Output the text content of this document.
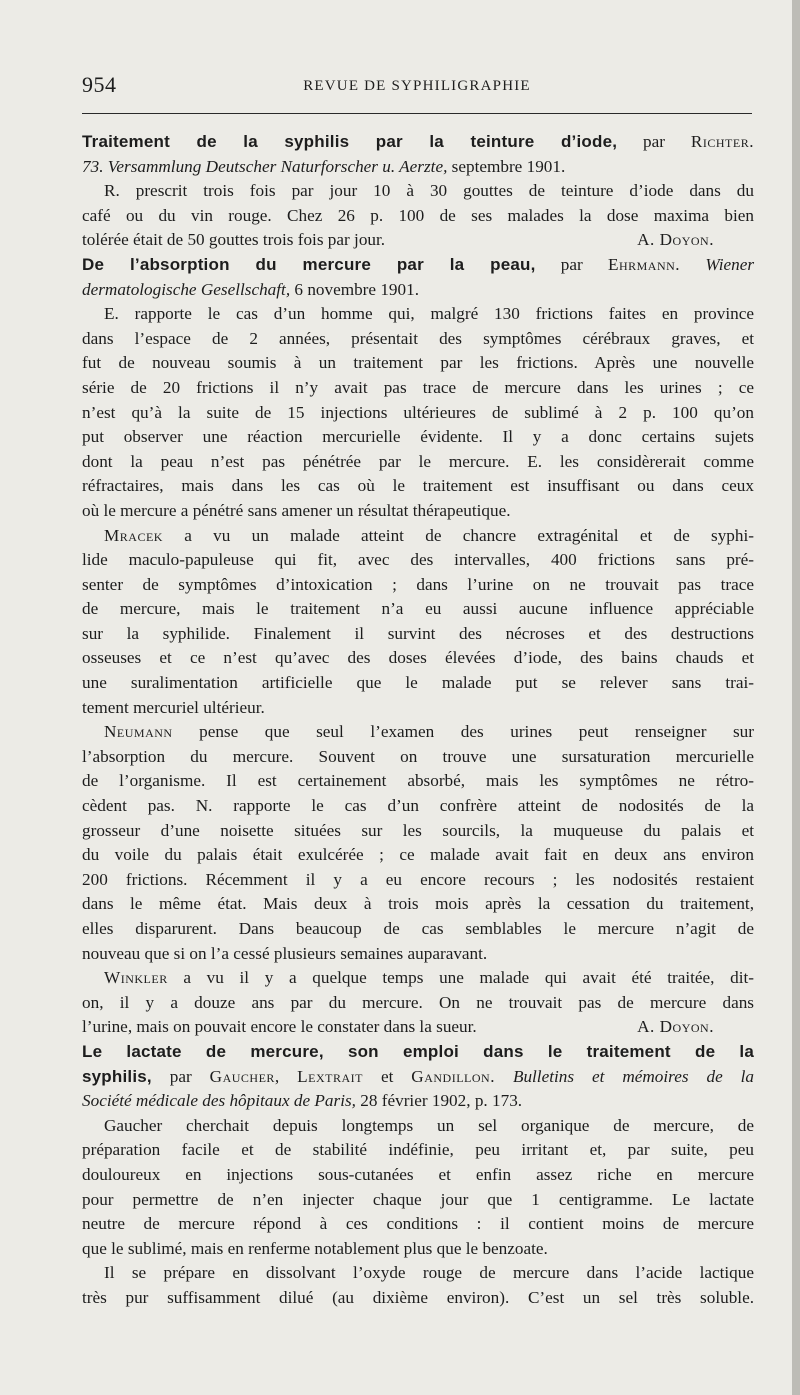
954	REVUE DE SYPHILIGRAPHIE
Traitement de la syphilis par la teinture d’iode, par Richter.
73. Versammlung Deutscher Naturforscher u. Aerzte, septembre 1901.
R. prescrit trois fois par jour 10 à 30 gouttes de teinture d’iode dans du
café ou du vin rouge. Chez 26 p. 100 de ses malades la dose maxima bien
tolérée était de 50 gouttes trois fois par jour.	A. Doyon.
De l’absorption du mercure par la peau, par Ehrmann. Wiener
dermatologische Gesellschaft, 6 novembre 1901.
E. rapporte le cas d’un homme qui, malgré 130 frictions faites en province
dans l’espace de 2 années, présentait des symptômes cérébraux graves, et
fut de nouveau soumis à un traitement par les frictions. Après une nouvelle
série de 20 frictions il n’y avait pas trace de mercure dans les urines ; ce
n’est qu’à la suite de 15 injections ultérieures de sublimé à 2 p. 100 qu’on
put observer une réaction mercurielle évidente. Il y a donc certains sujets
dont la peau n’est pas pénétrée par le mercure. E. les considèrerait comme
réfractaires, mais dans les cas où le traitement est insuffisant ou dans ceux
où le mercure a pénétré sans amener un résultat thérapeutique.
Mracek a vu un malade atteint de chancre extragénital et de syphi-
lide maculo-papuleuse qui fit, avec des intervalles, 400 frictions sans pré-
senter de symptômes d’intoxication ; dans l’urine on ne trouvait pas trace
de mercure, mais le traitement n’a eu aussi aucune influence appréciable
sur la syphilide. Finalement il survint des nécroses et des destructions
osseuses et ce n’est qu’avec des doses élevées d’iode, des bains chauds et
une suralimentation artificielle que le malade put se relever sans trai-
tement mercuriel ultérieur.
Neumann pense que seul l’examen des urines peut renseigner sur
l’absorption du mercure. Souvent on trouve une sursaturation mercurielle
de l’organisme. Il est certainement absorbé, mais les symptômes ne rétro-
cèdent pas. N. rapporte le cas d’un confrère atteint de nodosités de la
grosseur d’une noisette situées sur les sourcils, la muqueuse du palais et
du voile du palais était exulcérée ; ce malade avait fait en deux ans environ
200 frictions. Récemment il y a eu encore recours ; les nodosités restaient
dans le même état. Mais deux à trois mois après la cessation du traitement,
elles disparurent. Dans beaucoup de cas semblables le mercure n’agit de
nouveau que si on l’a cessé plusieurs semaines auparavant.
Winkler a vu il y a quelque temps une malade qui avait été traitée, dit-
on, il y a douze ans par du mercure. On ne trouvait pas de mercure dans
l’urine, mais on pouvait encore le constater dans la sueur.	A. Doyon.
Le lactate de mercure, son emploi dans le traitement de la
syphilis, par Gaucher, Lextrait et Gandillon. Bulletins et mémoires de la
Société médicale des hôpitaux de Paris, 28 février 1902, p. 173.
Gaucher cherchait depuis longtemps un sel organique de mercure, de
préparation facile et de stabilité indéfinie, peu irritant et, par suite, peu
douloureux en injections sous-cutanées et enfin assez riche en mercure
pour permettre de n’en injecter chaque jour que 1 centigramme. Le lactate
neutre de mercure répond à ces conditions : il contient moins de mercure
que le sublimé, mais en renferme notablement plus que le benzoate.
Il se prépare en dissolvant l’oxyde rouge de mercure dans l’acide lactique
très pur suffisamment dilué (au dixième environ). C’est un sel très soluble.
